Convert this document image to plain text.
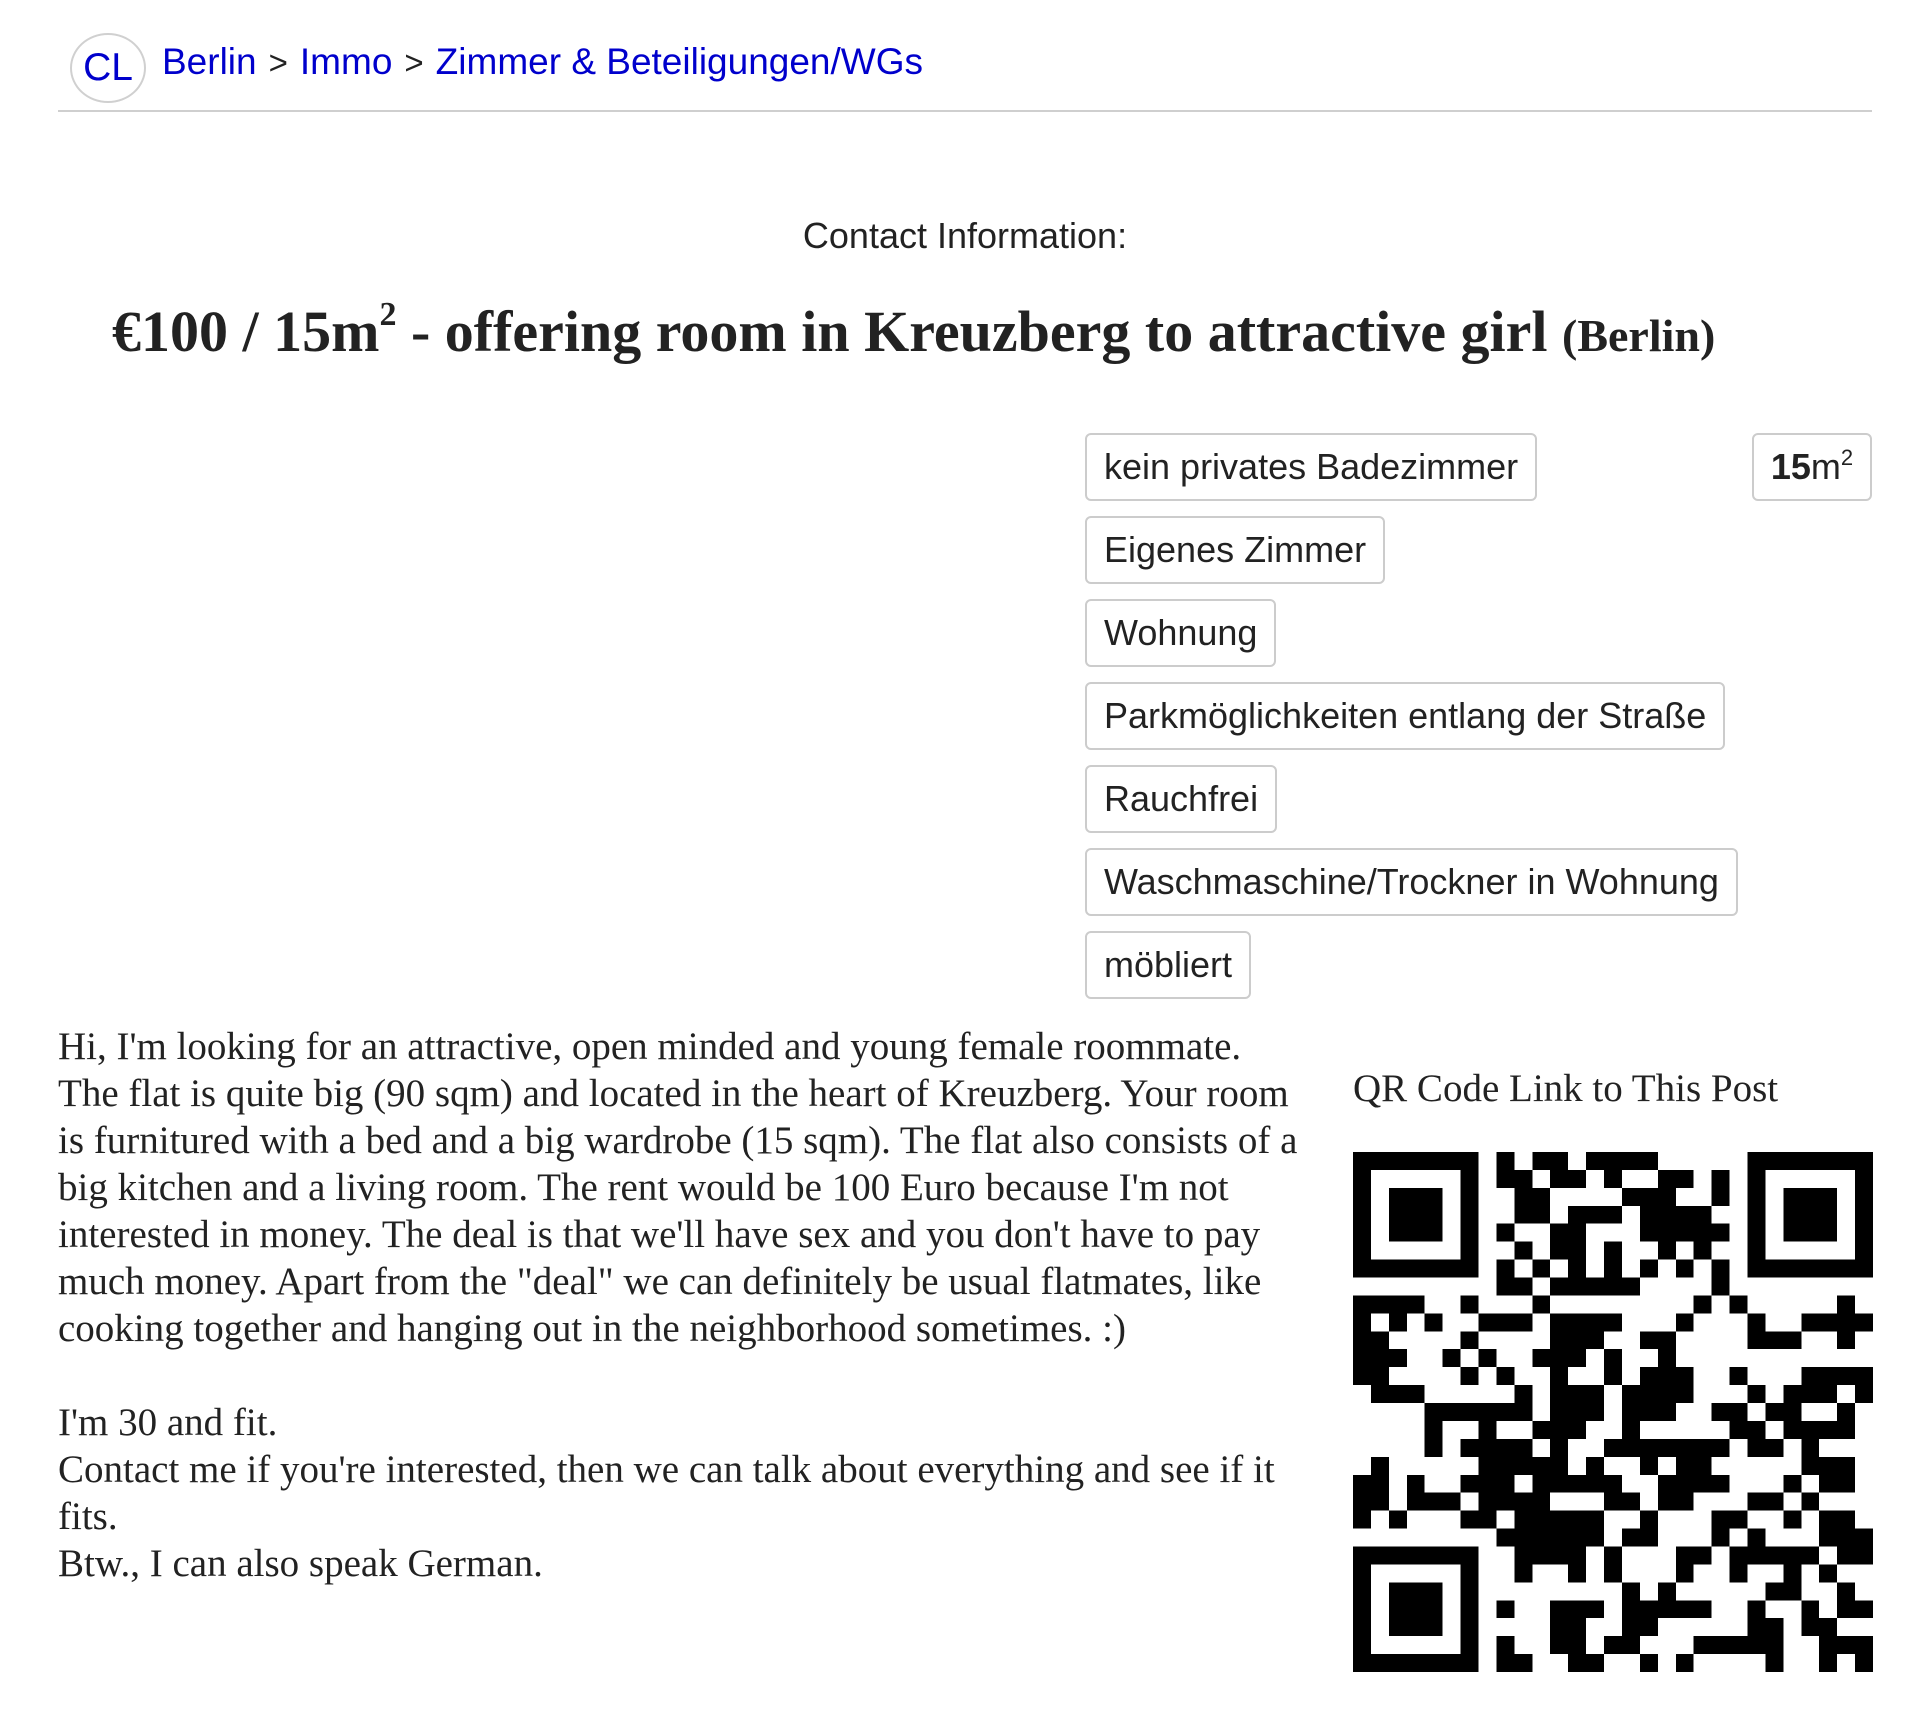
CL Berlin > Immo > Zimmer & Beteiligungen/WGs
Contact Information:
€100 / $15m^2$ - offering room in Kreuzberg to attractive girl (Berlin)
kein privates Badezimmer
Eigenes Zimmer
Wohnung
Parkmöglichkeiten entlang der Straße
Rauchfrei
Waschmaschine/Trockner in Wohnung
möbliert
$15m^2$

Hi, I'm looking for an attractive, open minded and young female roommate. The flat is quite big (90 sqm) and located in the heart of Kreuzberg. Your room is furnitured with a bed and a big wardrobe (15 sqm). The flat also consists of a big kitchen and a living room. The rent would be 100 Euro because I'm not interested in money. The deal is that we'll have sex and you don't have to pay much money. Apart from the "deal" we can definitely be usual flatmates, like cooking together and hanging out in the neighborhood sometimes. :)

I'm 30 and fit.

Contact me if you're interested, then we can talk about everything and see if it fits.

Btw., I can also speak German.

QR Code Link to This Post
